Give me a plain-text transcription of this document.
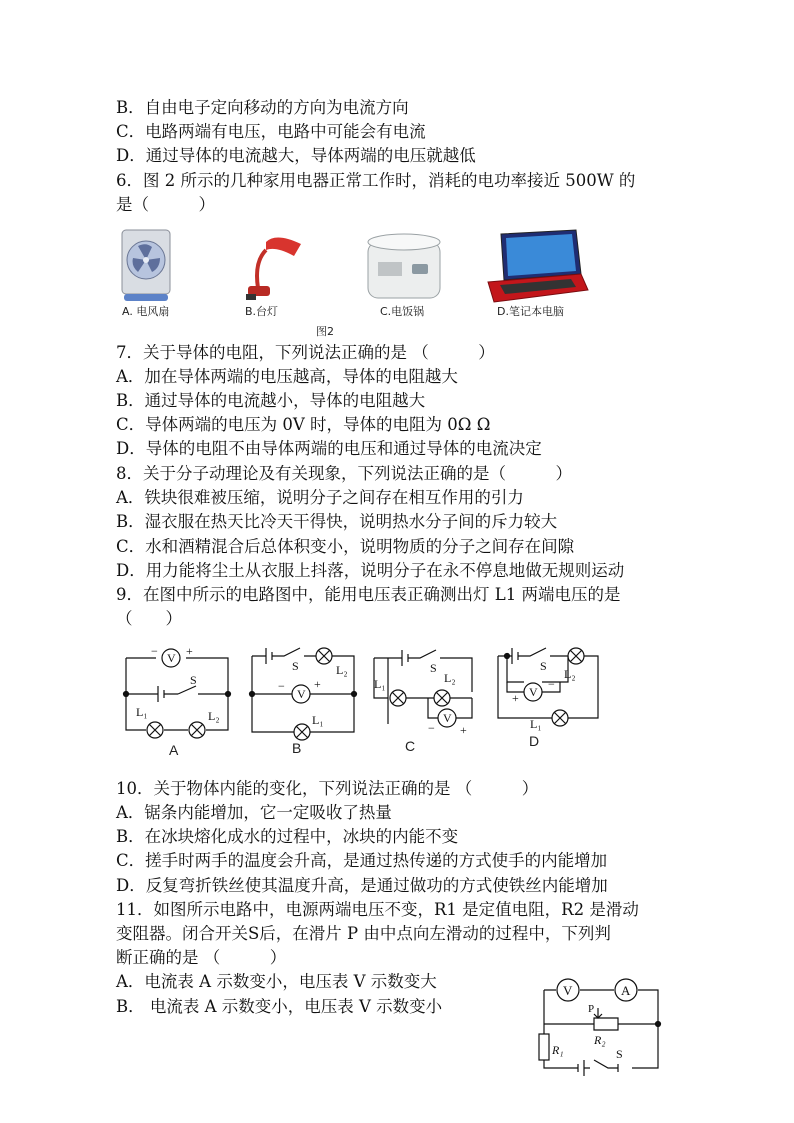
B．自由电子定向移动的方向为电流方向
C．电路两端有电压，电路中可能会有电流
D．通过导体的电流越大，导体两端的电压就越低
6．图 2 所示的几种家用电器正常工作时，消耗的电功率接近 500W 的
是（　　　）
A. 电风扇	B.台灯	C.电饭锅	D.笔记本电脑
图2
7．关于导体的电阻，下列说法正确的是 （　　　）
A．加在导体两端的电压越高，导体的电阻越大
B．通过导体的电流越小，导体的电阻越大
C．导体两端的电压为 0V 时，导体的电阻为 0Ω Ω
D．导体的电阻不由导体两端的电压和通过导体的电流决定
8．关于分子动理论及有关现象，下列说法正确的是（　　　）
A．铁块很难被压缩，说明分子之间存在相互作用的引力
B．湿衣服在热天比冷天干得快，说明热水分子间的斥力较大
C．水和酒精混合后总体积变小，说明物质的分子之间存在间隙
D．用力能将尘土从衣服上抖落，说明分子在永不停息地做无规则运动
9．在图中所示的电路图中，能用电压表正确测出灯 L1 两端电压的是
（　　）
V
− +
S
L₁	L₂
S	L₂
V
− +
L₁
S
L₁	L₂
V
− +
S
L₂
V
+
−
L₁
A	B	C	D
10．关于物体内能的变化，下列说法正确的是 （　　　）
A．锯条内能增加，它一定吸收了热量
B．在冰块熔化成水的过程中，冰块的内能不变
C．搓手时两手的温度会升高，是通过热传递的方式使手的内能增加
D．反复弯折铁丝使其温度升高，是通过做功的方式使铁丝内能增加
11．如图所示电路中，电源两端电压不变，R1 是定值电阻，R2 是滑动
变阻器。闭合开关S后，在滑片 P 由中点向左滑动的过程中，下列判
断正确的是 （　　　）
A．电流表 A 示数变小，电压表 V 示数变大
B． 电流表 A 示数变小，电压表 V 示数变小
V	A
P
R₂
R₁	S
